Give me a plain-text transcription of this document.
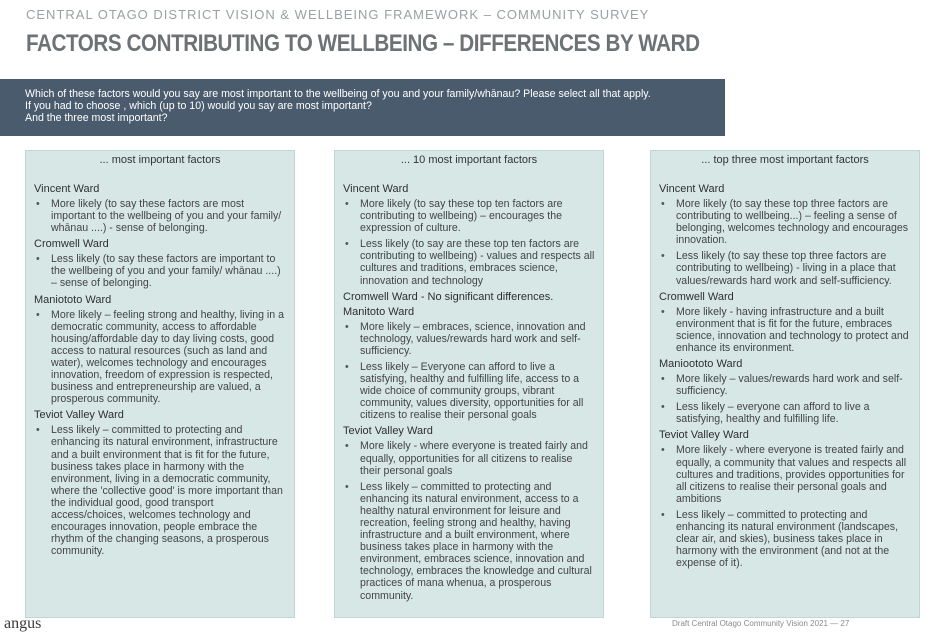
CENTRAL OTAGO DISTRICT VISION & WELLBEING FRAMEWORK – COMMUNITY SURVEY
FACTORS CONTRIBUTING TO WELLBEING – DIFFERENCES BY WARD
Which of these factors would you say are most important to the wellbeing of you and your family/whānau? Please select all that apply.
If you had to choose , which (up to 10) would you say are most important?
And the three most important?
... most important factors
Vincent Ward
• More likely (to say these factors are most important to the wellbeing of you and your family/ whānau ....) - sense of belonging.
Cromwell Ward
• Less likely (to say these factors are important to the wellbeing of you and your family/ whānau ....) – sense of belonging.
Maniototo Ward
• More likely – feeling strong and healthy, living in a democratic community, access to affordable housing/affordable day to day living costs, good access to natural resources (such as land and water), welcomes technology and encourages innovation, freedom of expression is respected, business and entrepreneurship are valued, a prosperous community.
Teviot Valley Ward
• Less likely – committed to protecting and enhancing its natural environment, infrastructure and a built environment that is fit for the future, business takes place in harmony with the environment, living in a democratic community, where the 'collective good' is more important than the individual good, good transport access/choices, welcomes technology and encourages innovation, people embrace the rhythm of the changing seasons, a prosperous community.
... 10 most important factors
Vincent Ward
• More likely (to say these top ten factors are contributing to wellbeing) – encourages the expression of culture.
• Less likely (to say are these top ten factors are contributing to wellbeing) - values and respects all cultures and traditions, embraces science, innovation and technology
Cromwell Ward - No significant differences.
Manitoto Ward
• More likely – embraces, science, innovation and technology, values/rewards hard work and self-sufficiency.
• Less likely – Everyone can afford to live a satisfying, healthy and fulfilling life, access to a wide choice of community groups, vibrant community, values diversity, opportunities for all citizens to realise their personal goals
Teviot Valley Ward
• More likely - where everyone is treated fairly and equally, opportunities for all citizens to realise their personal goals
• Less likely – committed to protecting and enhancing its natural environment, access to a healthy natural environment for leisure and recreation, feeling strong and healthy, having infrastructure and a built environment, where business takes place in harmony with the environment, embraces science, innovation and technology, embraces the knowledge and cultural practices of mana whenua, a prosperous community.
... top three most important factors
Vincent Ward
• More likely (to say these top three factors are contributing to wellbeing...) – feeling a sense of belonging, welcomes technology and encourages innovation.
• Less likely (to say these top three factors are contributing to wellbeing) - living in a place that values/rewards hard work and self-sufficiency.
Cromwell Ward
• More likely - having infrastructure and a built environment that is fit for the future, embraces science, innovation and technology to protect and enhance its environment.
Manioototo Ward
• More likely – values/rewards hard work and self-sufficiency.
• Less likely – everyone can afford to live a satisfying, healthy and fulfilling life.
Teviot Valley Ward
• More likely - where everyone is treated fairly and equally, a community that values and respects all cultures and traditions, provides opportunities for all citizens to realise their personal goals and ambitions
• Less likely – committed to protecting and enhancing its natural environment (landscapes, clear air, and skies), business takes place in harmony with the environment (and not at the expense of it).
angus	Draft Central Otago Community Vision 2021 — 27
